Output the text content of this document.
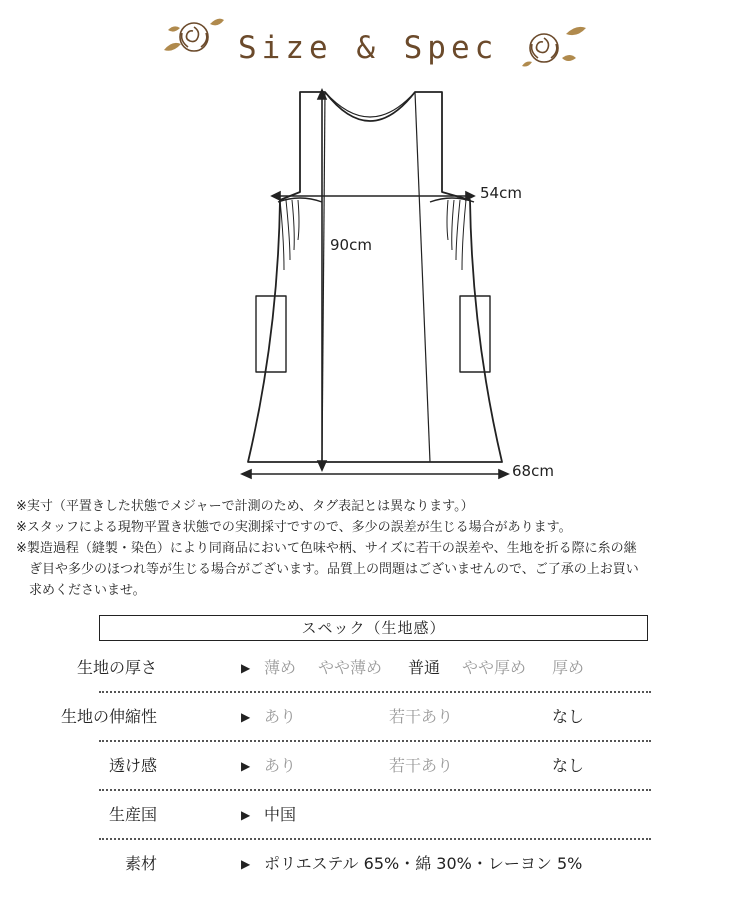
Size & Spec
54cm
90cm
68cm

※実寸（平置きした状態でメジャーで計測のため、タグ表記とは異なります。）

※スタッフによる現物平置き状態での実測採寸ですので、多少の誤差が生じる場合があります。

※製造過程（縫製・染色）により同商品において色味や柄、サイズに若干の誤差や、生地を折る際に糸の継

　ぎ目や多少のほつれ等が生じる場合がございます。品質上の問題はございませんので、ご了承の上お買い

　求めくださいませ。

スペック（生地感）
生地の厚さ	▶ 薄め やや薄め 普通 やや厚め 厚め
生地の伸縮性	▶ あり	若干あり	なし
透け感	▶ あり	若干あり	なし
生産国	▶ 中国
素材	▶ ポリエステル 65%・綿 30%・レーヨン 5%
